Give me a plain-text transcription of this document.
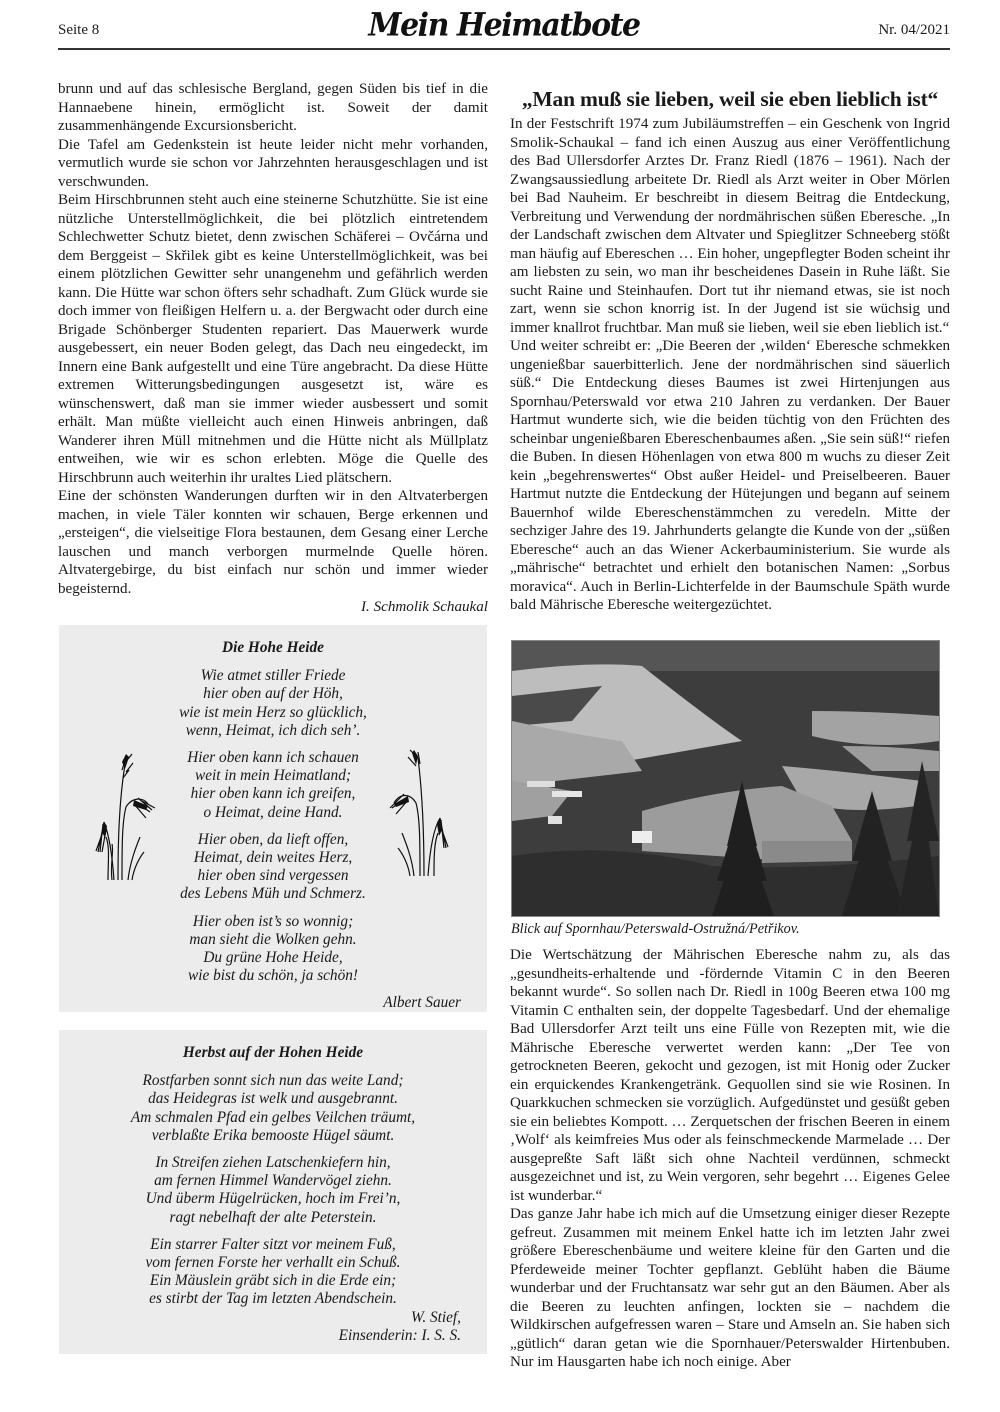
Seite 8	Mein Heimatbote	Nr. 04/2021

brunn und auf das schlesische Bergland, gegen Süden bis tief in die Hannaebene hinein, ermöglicht ist. Soweit der damit zusammenhängende Excursionsbericht.

Die Tafel am Gedenkstein ist heute leider nicht mehr vorhanden, vermutlich wurde sie schon vor Jahrzehnten herausgeschlagen und ist verschwunden.

Beim Hirschbrunnen steht auch eine steinerne Schutzhütte. Sie ist eine nützliche Unterstellmöglichkeit, die bei plötzlich eintretendem Schlechwetter Schutz bietet, denn zwischen Schäferei – Ovčárna und dem Berggeist – Skřilek gibt es keine Unterstellmöglichkeit, was bei einem plötzlichen Gewitter sehr unangenehm und gefährlich werden kann. Die Hütte war schon öfters sehr schadhaft. Zum Glück wurde sie doch immer von fleißigen Helfern u. a. der Bergwacht oder durch eine Brigade Schönberger Studenten repariert. Das Mauerwerk wurde ausgebessert, ein neuer Boden gelegt, das Dach neu eingedeckt, im Innern eine Bank aufgestellt und eine Türe angebracht. Da diese Hütte extremen Witterungsbedingungen ausgesetzt ist, wäre es wünschenswert, daß man sie immer wieder ausbessert und somit erhält. Man müßte vielleicht auch einen Hinweis anbringen, daß Wanderer ihren Müll mitnehmen und die Hütte nicht als Müllplatz entweihen, wie wir es schon erlebten. Möge die Quelle des Hirschbrunn auch weiterhin ihr uraltes Lied plätschern.

Eine der schönsten Wanderungen durften wir in den Altvaterbergen machen, in viele Täler konnten wir schauen, Berge erkennen und „ersteigen“, die vielseitige Flora bestaunen, dem Gesang einer Lerche lauschen und manch verborgen murmelnde Quelle hören. Altvatergebirge, du bist einfach nur schön und immer wieder begeisternd.

I. Schmolik Schaukal

Die Hohe Heide
Wie atmet stiller Friede
hier oben auf der Höh,
wie ist mein Herz so glücklich,
wenn, Heimat, ich dich seh’.
Hier oben kann ich schauen
weit in mein Heimatland;
hier oben kann ich greifen,
o Heimat, deine Hand.
Hier oben, da lieft offen,
Heimat, dein weites Herz,
hier oben sind vergessen
des Lebens Müh und Schmerz.
Hier oben ist’s so wonnig;
man sieht die Wolken gehn.
Du grüne Hohe Heide,
wie bist du schön, ja schön!
Albert Sauer
Herbst auf der Hohen Heide
Rostfarben sonnt sich nun das weite Land;
das Heidegras ist welk und ausgebrannt.
Am schmalen Pfad ein gelbes Veilchen träumt,
verblaßte Erika bemooste Hügel säumt.
In Streifen ziehen Latschenkiefern hin,
am fernen Himmel Wandervögel ziehn.
Und überm Hügelrücken, hoch im Frei’n,
ragt nebelhaft der alte Peterstein.
Ein starrer Falter sitzt vor meinem Fuß,
vom fernen Forste her verhallt ein Schuß.
Ein Mäuslein gräbt sich in die Erde ein;
es stirbt der Tag im letzten Abendschein.
W. Stief,
Einsenderin: I. S. S.
„Man muß sie lieben, weil sie eben lieblich ist“

In der Festschrift 1974 zum Jubiläumstreffen – ein Geschenk von Ingrid Smolik-Schaukal – fand ich einen Auszug aus einer Veröffentlichung des Bad Ullersdorfer Arztes Dr. Franz Riedl (1876 – 1961). Nach der Zwangsaussiedlung arbeitete Dr. Riedl als Arzt weiter in Ober Mörlen bei Bad Nauheim. Er beschreibt in diesem Beitrag die Entdeckung, Verbreitung und Verwendung der nordmährischen süßen Eberesche. „In der Landschaft zwischen dem Altvater und Spieglitzer Schneeberg stößt man häufig auf Ebereschen … Ein hoher, ungepflegter Boden scheint ihr am liebsten zu sein, wo man ihr bescheidenes Dasein in Ruhe läßt. Sie sucht Raine und Steinhaufen. Dort tut ihr niemand etwas, sie ist noch zart, wenn sie schon knorrig ist. In der Jugend ist sie wüchsig und immer knallrot fruchtbar. Man muß sie lieben, weil sie eben lieblich ist.“

Und weiter schreibt er: „Die Beeren der ‚wilden‘ Eberesche schmekken ungenießbar sauerbitterlich. Jene der nordmährischen sind säuerlich süß.“ Die Entdeckung dieses Baumes ist zwei Hirtenjungen aus Spornhau/Peterswald vor etwa 210 Jahren zu verdanken. Der Bauer Hartmut wunderte sich, wie die beiden tüchtig von den Früchten des scheinbar ungenießbaren Ebereschenbaumes aßen. „Sie sein süß!“ riefen die Buben. In diesen Höhenlagen von etwa 800 m wuchs zu dieser Zeit kein „begehrenswertes“ Obst außer Heidel- und Preiselbeeren. Bauer Hartmut nutzte die Entdeckung der Hütejungen und begann auf seinem Bauernhof wilde Ebereschenstämmchen zu veredeln. Mitte der sechziger Jahre des 19. Jahrhunderts gelangte die Kunde von der „süßen Eberesche“ auch an das Wiener Ackerbauministerium. Sie wurde als „mährische“ betrachtet und erhielt den botanischen Namen: „Sorbus moravica“. Auch in Berlin-Lichterfelde in der Baumschule Späth wurde bald Mährische Eberesche weitergezüchtet.

Blick auf Spornhau/Peterswald-Ostružná/Petřikov.

Die Wertschätzung der Mährischen Eberesche nahm zu, als das „gesundheits-erhaltende und -fördernde Vitamin C in den Beeren bekannt wurde“. So sollen nach Dr. Riedl in 100g Beeren etwa 100 mg Vitamin C enthalten sein, der doppelte Tagesbedarf. Und der ehemalige Bad Ullersdorfer Arzt teilt uns eine Fülle von Rezepten mit, wie die Mährische Eberesche verwertet werden kann: „Der Tee von getrockneten Beeren, gekocht und gezogen, ist mit Honig oder Zucker ein erquickendes Krankengetränk. Gequollen sind sie wie Rosinen. In Quarkkuchen schmecken sie vorzüglich. Aufgedünstet und gesüßt geben sie ein beliebtes Kompott. … Zerquetschen der frischen Beeren in einem ‚Wolf‘ als keimfreies Mus oder als feinschmeckende Marmelade … Der ausgepreßte Saft läßt sich ohne Nachteil verdünnen, schmeckt ausgezeichnet und ist, zu Wein vergoren, sehr begehrt … Eigenes Gelee ist wunderbar.“

Das ganze Jahr habe ich mich auf die Umsetzung einiger dieser Rezepte gefreut. Zusammen mit meinem Enkel hatte ich im letzten Jahr zwei größere Ebereschenbäume und weitere kleine für den Garten und die Pferdeweide meiner Tochter gepflanzt. Geblüht haben die Bäume wunderbar und der Fruchtansatz war sehr gut an den Bäumen. Aber als die Beeren zu leuchten anfingen, lockten sie – nachdem die Wildkirschen aufgefressen waren – Stare und Amseln an. Sie haben sich „gütlich“ daran getan wie die Spornhauer/Peterswalder Hirtenbuben. Nur im Hausgarten habe ich noch einige. Aber
